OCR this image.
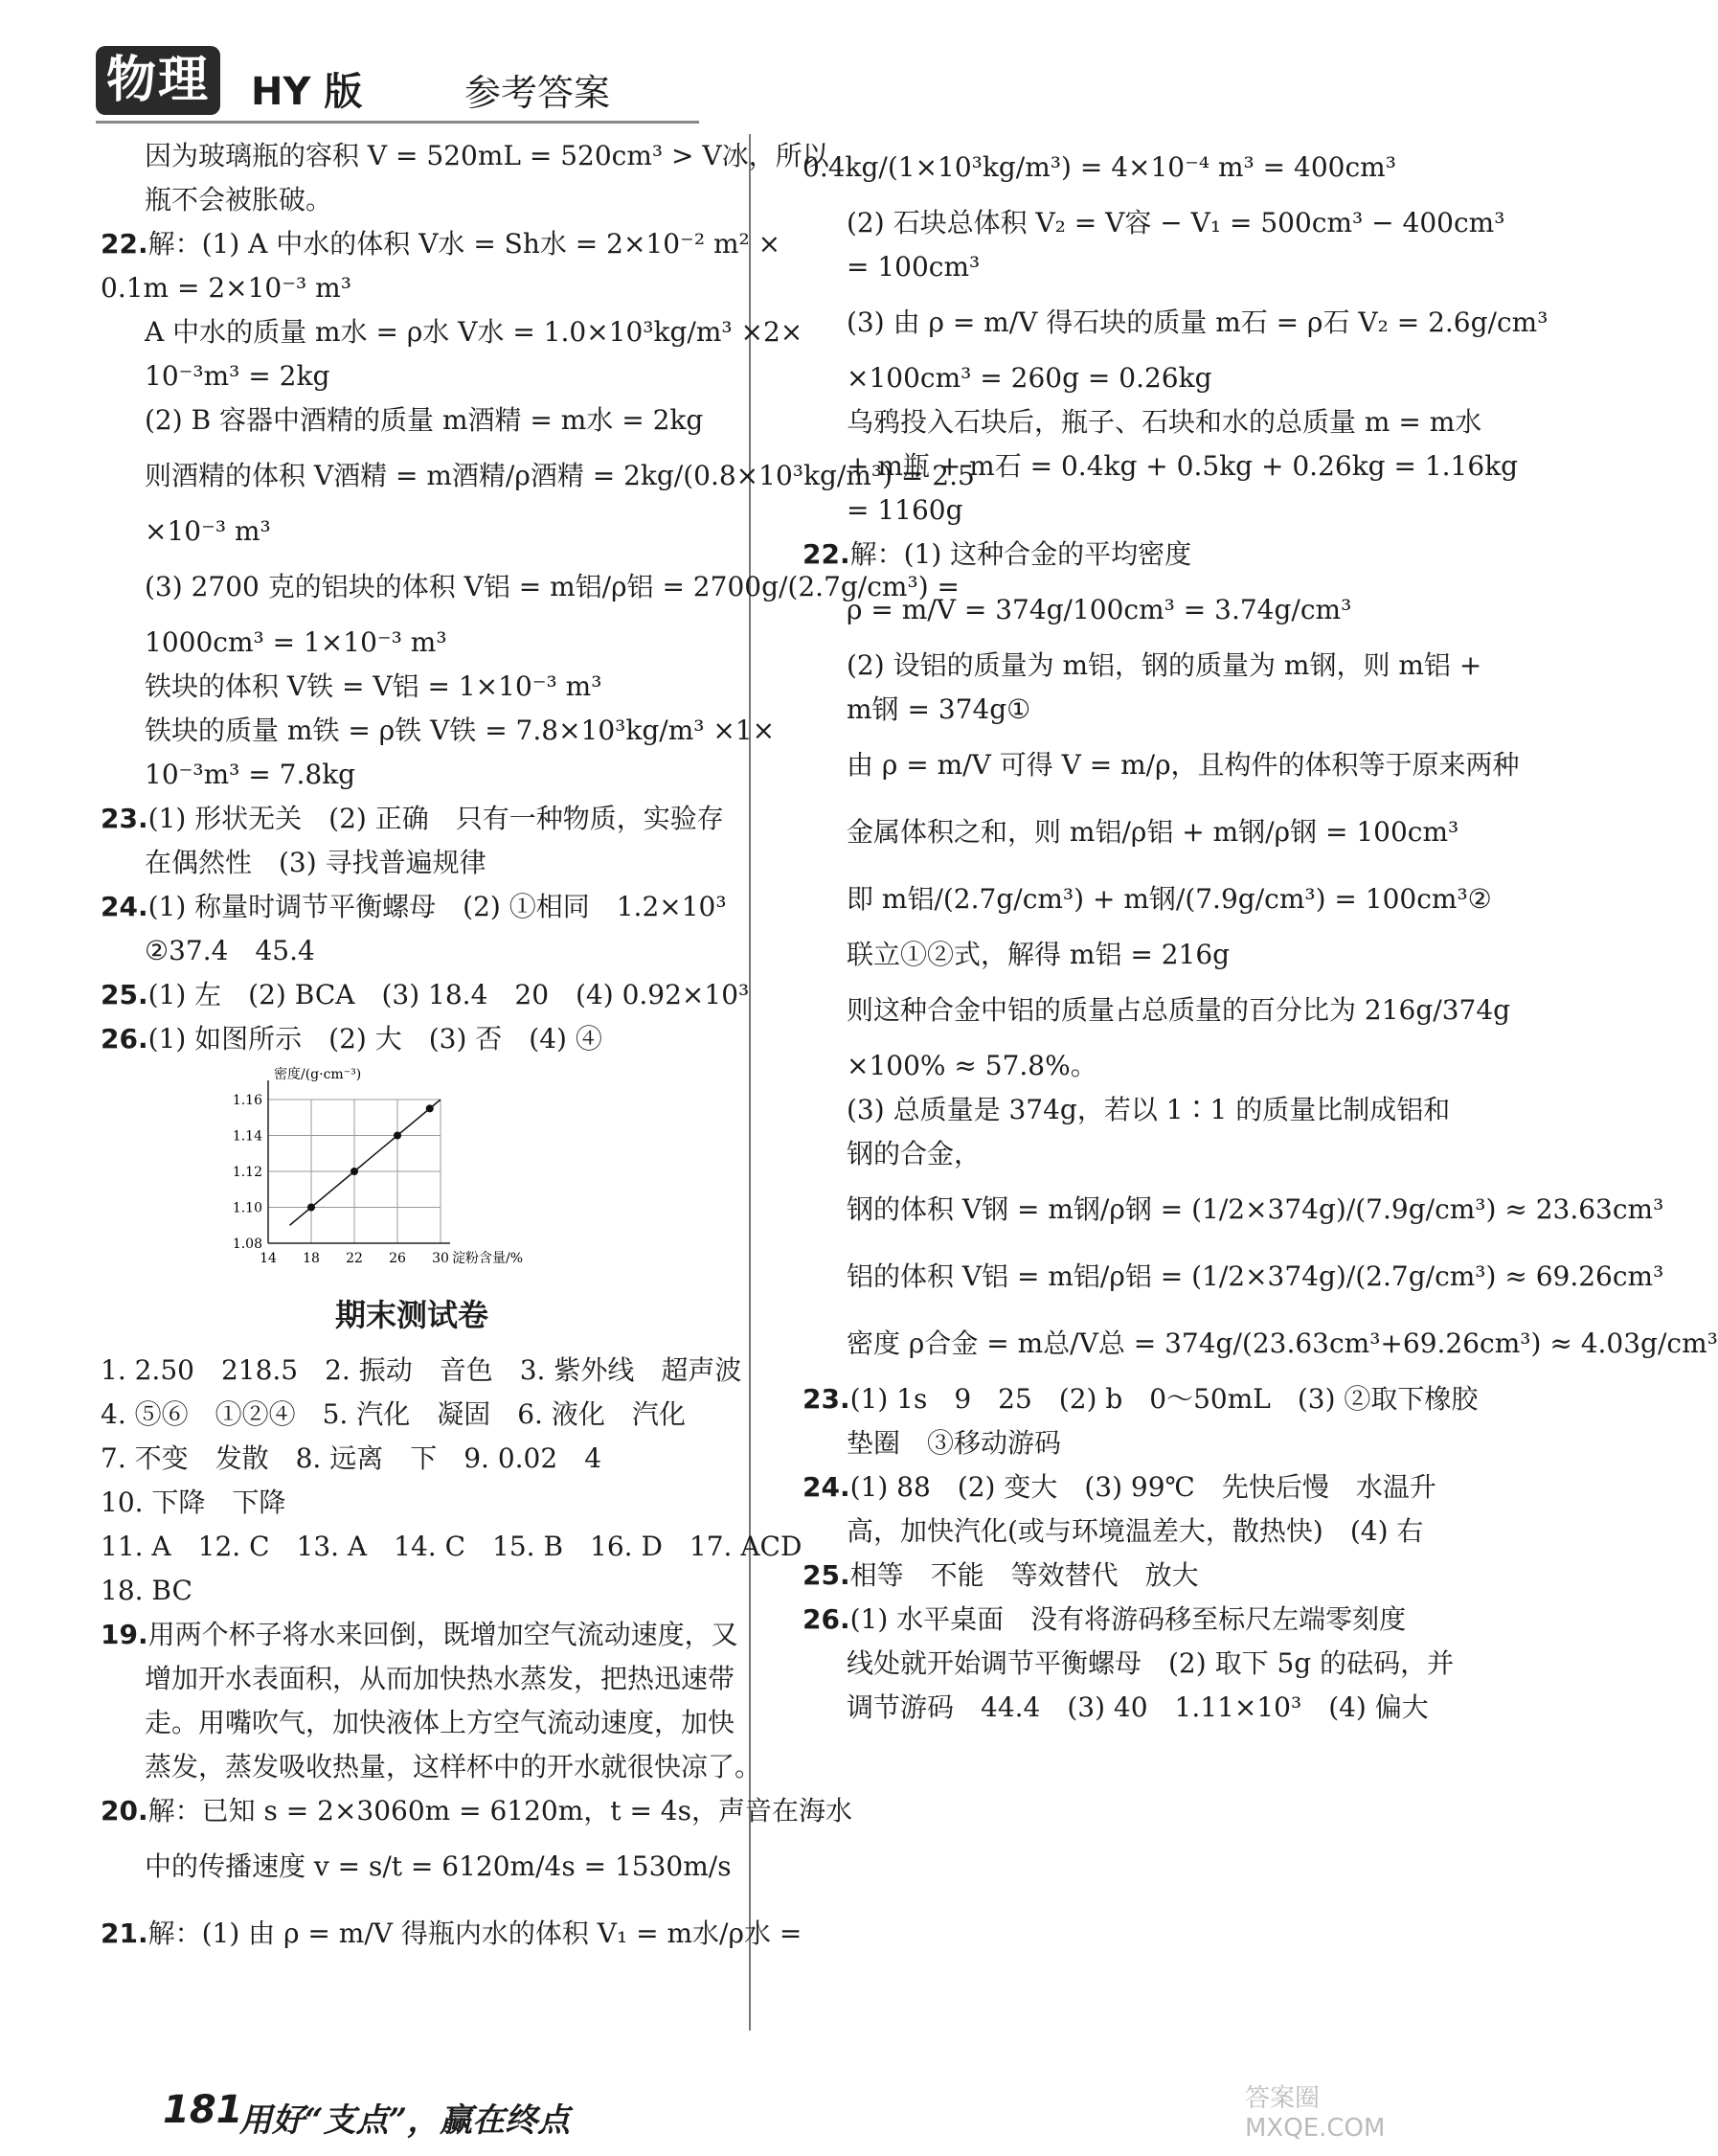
物理 HY 版	参考答案
因为玻璃瓶的容积 V = 520mL = 520cm³ > V冰，所以
瓶不会被胀破。
22.解：(1) A 中水的体积 V水 = Sh水 = 2×10⁻² m² ×
0.1m = 2×10⁻³ m³
A 中水的质量 m水 = ρ水 V水 = 1.0×10³kg/m³ ×2×
10⁻³m³ = 2kg
(2) B 容器中酒精的质量 m酒精 = m水 = 2kg
则酒精的体积 V酒精 = m酒精/ρ酒精 = 2kg/(0.8×10³kg/m³) = 2.5
×10⁻³ m³
(3) 2700 克的铝块的体积 V铝 = m铝/ρ铝 = 2700g/(2.7g/cm³) =
1000cm³ = 1×10⁻³ m³
铁块的体积 V铁 = V铝 = 1×10⁻³ m³
铁块的质量 m铁 = ρ铁 V铁 = 7.8×10³kg/m³ ×1×
10⁻³m³ = 7.8kg
23.(1) 形状无关　(2) 正确　只有一种物质，实验存
在偶然性　(3) 寻找普遍规律
24.(1) 称量时调节平衡螺母　(2) ①相同　1.2×10³
②37.4　45.4
25.(1) 左　(2) BCA　(3) 18.4　20　(4) 0.92×10³
26.(1) 如图所示　(2) 大　(3) 否　(4) ④
14 18 22 26 30
1.08
1.10
1.12
1.14
1.16
密度/(g·cm⁻³)
淀粉含量/%
期末测试卷
1. 2.50　218.5　2. 振动　音色　3. 紫外线　超声波
4. ⑤⑥　①②④　5. 汽化　凝固　6. 液化　汽化
7. 不变　发散　8. 远离　下　9. 0.02　4
10. 下降　下降
11. A　12. C　13. A　14. C　15. B　16. D　17. ACD
18. BC
19.用两个杯子将水来回倒，既增加空气流动速度，又
增加开水表面积，从而加快热水蒸发，把热迅速带
走。用嘴吹气，加快液体上方空气流动速度，加快
蒸发，蒸发吸收热量，这样杯中的开水就很快凉了。
20.解：已知 s = 2×3060m = 6120m，t = 4s，声音在海水
中的传播速度 v = s/t = 6120m/4s = 1530m/s
21.解：(1) 由 ρ = m/V 得瓶内水的体积 V₁ = m水/ρ水 =
0.4kg/(1×10³kg/m³) = 4×10⁻⁴ m³ = 400cm³
(2) 石块总体积 V₂ = V容 − V₁ = 500cm³ − 400cm³
= 100cm³
(3) 由 ρ = m/V 得石块的质量 m石 = ρ石 V₂ = 2.6g/cm³
×100cm³ = 260g = 0.26kg
乌鸦投入石块后，瓶子、石块和水的总质量 m = m水
+ m瓶 + m石 = 0.4kg + 0.5kg + 0.26kg = 1.16kg
= 1160g
22.解：(1) 这种合金的平均密度
ρ = m/V = 374g/100cm³ = 3.74g/cm³
(2) 设铝的质量为 m铝，钢的质量为 m钢，则 m铝 +
m钢 = 374g①
由 ρ = m/V 可得 V = m/ρ，且构件的体积等于原来两种
金属体积之和，则 m铝/ρ铝 + m钢/ρ钢 = 100cm³
即 m铝/(2.7g/cm³) + m钢/(7.9g/cm³) = 100cm³②
联立①②式，解得 m铝 = 216g
则这种合金中铝的质量占总质量的百分比为 216g/374g
×100% ≈ 57.8%。
(3) 总质量是 374g，若以 1∶1 的质量比制成铝和
钢的合金，
钢的体积 V钢 = m钢/ρ钢 = (1/2×374g)/(7.9g/cm³) ≈ 23.63cm³
铝的体积 V铝 = m铝/ρ铝 = (1/2×374g)/(2.7g/cm³) ≈ 69.26cm³
密度 ρ合金 = m总/V总 = 374g/(23.63cm³+69.26cm³) ≈ 4.03g/cm³
23.(1) 1s　9　25　(2) b　0～50mL　(3) ②取下橡胶
垫圈　③移动游码
24.(1) 88　(2) 变大　(3) 99℃　先快后慢　水温升
高，加快汽化(或与环境温差大，散热快)　(4) 右
25.相等　不能　等效替代　放大
26.(1) 水平桌面　没有将游码移至标尺左端零刻度
线处就开始调节平衡螺母　(2) 取下 5g 的砝码，并
调节游码　44.4　(3) 40　1.11×10³　(4) 偏大
181
用好“支点”，赢在终点
答案圈 MXQE.COM
